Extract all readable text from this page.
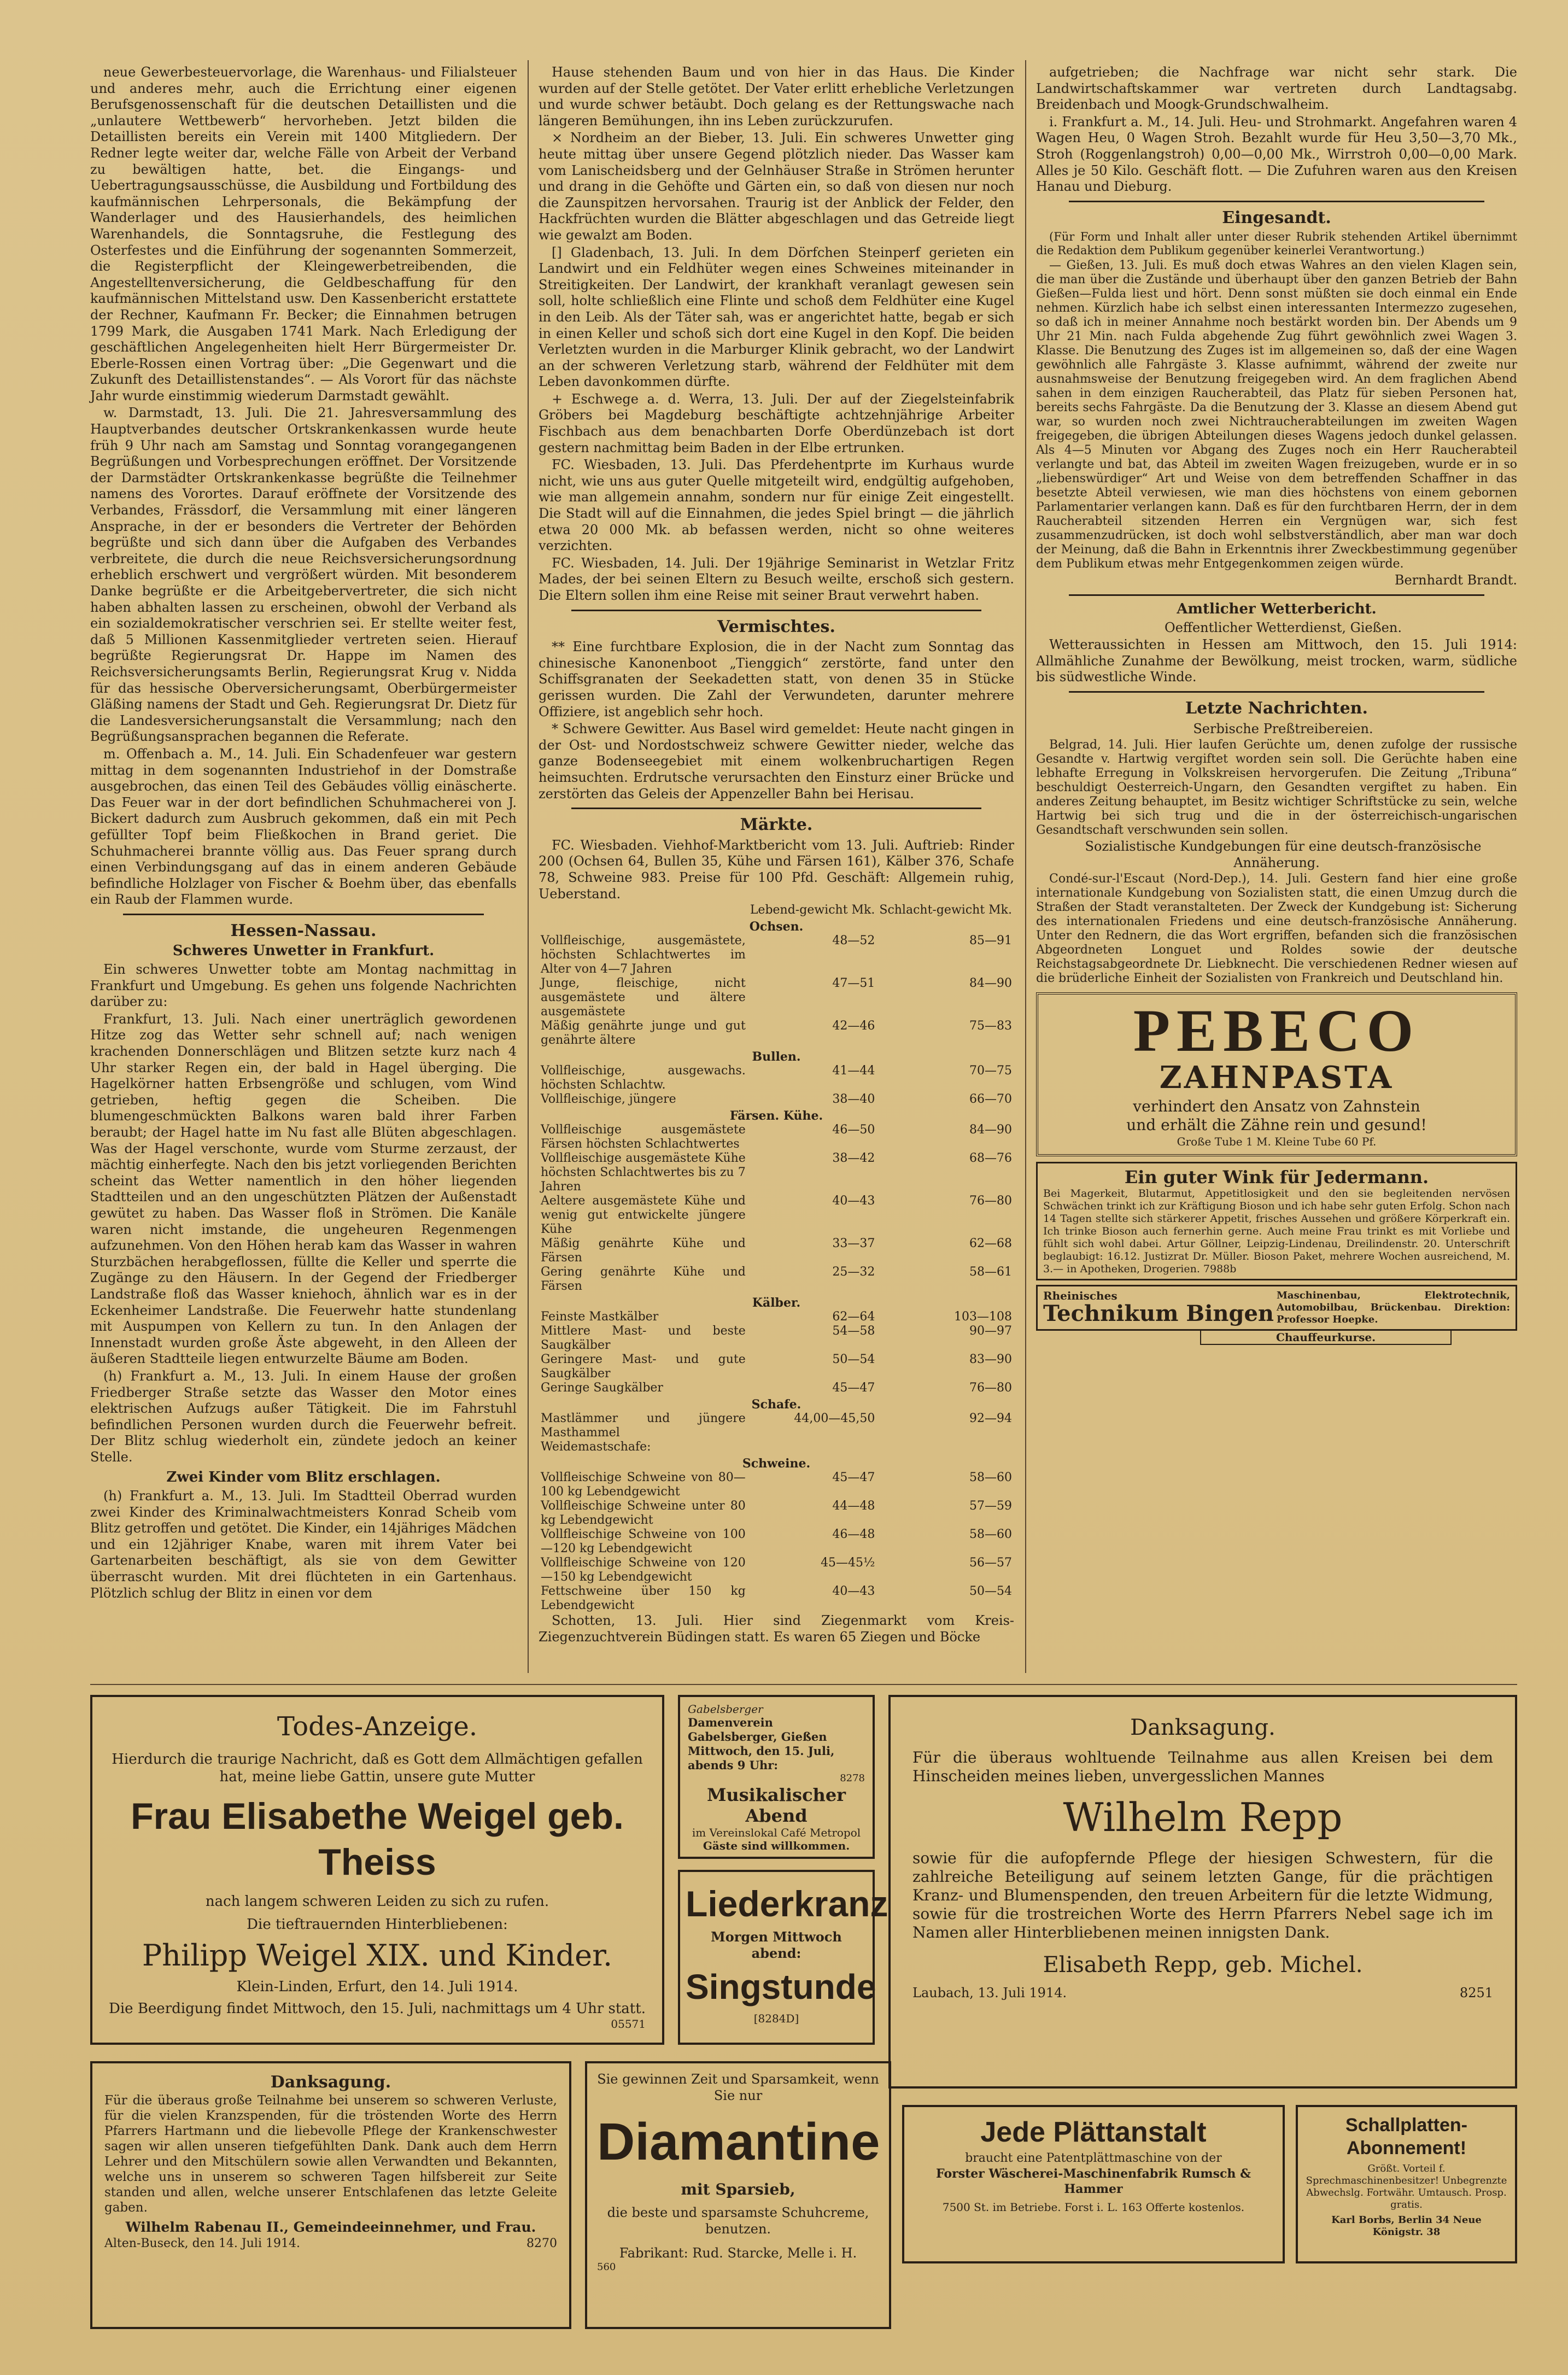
neue Gewerbesteuervorlage, die Warenhaus- und Filialsteuer und anderes mehr, auch die Errichtung einer eigenen Berufsgenossenschaft für die deutschen Detaillisten und die „unlautere Wettbewerb“ hervorheben. Jetzt bilden die Detaillisten bereits ein Verein mit 1400 Mitgliedern. Der Redner legte weiter dar, welche Fälle von Arbeit der Verband zu bewältigen hatte, bet. die Eingangs- und Uebertragungsausschüsse, die Ausbildung und Fortbildung des kaufmännischen Lehrpersonals, die Bekämpfung der Wanderlager und des Hausierhandels, des heimlichen Warenhandels, die Sonntagsruhe, die Festlegung des Osterfestes und die Einführung der sogenannten Sommerzeit, die Registerpflicht der Kleingewerbetreibenden, die Angestelltenversicherung, die Geldbeschaffung für den kaufmännischen Mittelstand usw. Den Kassenbericht erstattete der Rechner, Kaufmann Fr. Becker; die Einnahmen betrugen 1799 Mark, die Ausgaben 1741 Mark. Nach Erledigung der geschäftlichen Angelegenheiten hielt Herr Bürgermeister Dr. Eberle-Rossen einen Vortrag über: „Die Gegenwart und die Zukunft des Detaillistenstandes“. — Als Vorort für das nächste Jahr wurde einstimmig wiederum Darmstadt gewählt.

w. Darmstadt, 13. Juli. Die 21. Jahresversammlung des Hauptverbandes deutscher Ortskrankenkassen wurde heute früh 9 Uhr nach am Samstag und Sonntag vorangegangenen Begrüßungen und Vorbesprechungen eröffnet. Der Vorsitzende der Darmstädter Ortskrankenkasse begrüßte die Teilnehmer namens des Vorortes. Darauf eröffnete der Vorsitzende des Verbandes, Frässdorf, die Versammlung mit einer längeren Ansprache, in der er besonders die Vertreter der Behörden begrüßte und sich dann über die Aufgaben des Verbandes verbreitete, die durch die neue Reichsversicherungsordnung erheblich erschwert und vergrößert würden. Mit besonderem Danke begrüßte er die Arbeitgebervertreter, die sich nicht haben abhalten lassen zu erscheinen, obwohl der Verband als ein sozialdemokratischer verschrien sei. Er stellte weiter fest, daß 5 Millionen Kassenmitglieder vertreten seien. Hierauf begrüßte Regierungsrat Dr. Happe im Namen des Reichsversicherungsamts Berlin, Regierungsrat Krug v. Nidda für das hessische Oberversicherungsamt, Oberbürgermeister Gläßing namens der Stadt und Geh. Regierungsrat Dr. Dietz für die Landesversicherungsanstalt die Versammlung; nach den Begrüßungsansprachen begannen die Referate.

m. Offenbach a. M., 14. Juli. Ein Schadenfeuer war gestern mittag in dem sogenannten Industriehof in der Domstraße ausgebrochen, das einen Teil des Gebäudes völlig einäscherte. Das Feuer war in der dort befindlichen Schuhmacherei von J. Bickert dadurch zum Ausbruch gekommen, daß ein mit Pech gefüllter Topf beim Fließkochen in Brand geriet. Die Schuhmacherei brannte völlig aus. Das Feuer sprang durch einen Verbindungsgang auf das in einem anderen Gebäude befindliche Holzlager von Fischer & Boehm über, das ebenfalls ein Raub der Flammen wurde.

Hessen-Nassau.
Schweres Unwetter in Frankfurt.

Ein schweres Unwetter tobte am Montag nachmittag in Frankfurt und Umgebung. Es gehen uns folgende Nachrichten darüber zu:

Frankfurt, 13. Juli. Nach einer unerträglich gewordenen Hitze zog das Wetter sehr schnell auf; nach wenigen krachenden Donnerschlägen und Blitzen setzte kurz nach 4 Uhr starker Regen ein, der bald in Hagel überging. Die Hagelkörner hatten Erbsengröße und schlugen, vom Wind getrieben, heftig gegen die Scheiben. Die blumengeschmückten Balkons waren bald ihrer Farben beraubt; der Hagel hatte im Nu fast alle Blüten abgeschlagen. Was der Hagel verschonte, wurde vom Sturme zerzaust, der mächtig einherfegte. Nach den bis jetzt vorliegenden Berichten scheint das Wetter namentlich in den höher liegenden Stadtteilen und an den ungeschützten Plätzen der Außenstadt gewütet zu haben. Das Wasser floß in Strömen. Die Kanäle waren nicht imstande, die ungeheuren Regenmengen aufzunehmen. Von den Höhen herab kam das Wasser in wahren Sturzbächen herabgeflossen, füllte die Keller und sperrte die Zugänge zu den Häusern. In der Gegend der Friedberger Landstraße floß das Wasser kniehoch, ähnlich war es in der Eckenheimer Landstraße. Die Feuerwehr hatte stundenlang mit Auspumpen von Kellern zu tun. In den Anlagen der Innenstadt wurden große Äste abgeweht, in den Alleen der äußeren Stadtteile liegen entwurzelte Bäume am Boden.

(h) Frankfurt a. M., 13. Juli. In einem Hause der großen Friedberger Straße setzte das Wasser den Motor eines elektrischen Aufzugs außer Tätigkeit. Die im Fahrstuhl befindlichen Personen wurden durch die Feuerwehr befreit. Der Blitz schlug wiederholt ein, zündete jedoch an keiner Stelle.

Zwei Kinder vom Blitz erschlagen.

(h) Frankfurt a. M., 13. Juli. Im Stadtteil Oberrad wurden zwei Kinder des Kriminalwachtmeisters Konrad Scheib vom Blitz getroffen und getötet. Die Kinder, ein 14jähriges Mädchen und ein 12jähriger Knabe, waren mit ihrem Vater bei Gartenarbeiten beschäftigt, als sie von dem Gewitter überrascht wurden. Mit drei flüchteten in ein Gartenhaus. Plötzlich schlug der Blitz in einen vor dem

Hause stehenden Baum und von hier in das Haus. Die Kinder wurden auf der Stelle getötet. Der Vater erlitt erhebliche Verletzungen und wurde schwer betäubt. Doch gelang es der Rettungswache nach längeren Bemühungen, ihn ins Leben zurückzurufen.

× Nordheim an der Bieber, 13. Juli. Ein schweres Unwetter ging heute mittag über unsere Gegend plötzlich nieder. Das Wasser kam vom Lanischeidsberg und der Gelnhäuser Straße in Strömen herunter und drang in die Gehöfte und Gärten ein, so daß von diesen nur noch die Zaunspitzen hervorsahen. Traurig ist der Anblick der Felder, den Hackfrüchten wurden die Blätter abgeschlagen und das Getreide liegt wie gewalzt am Boden.

[] Gladenbach, 13. Juli. In dem Dörfchen Steinperf gerieten ein Landwirt und ein Feldhüter wegen eines Schweines miteinander in Streitigkeiten. Der Landwirt, der krankhaft veranlagt gewesen sein soll, holte schließlich eine Flinte und schoß dem Feldhüter eine Kugel in den Leib. Als der Täter sah, was er angerichtet hatte, begab er sich in einen Keller und schoß sich dort eine Kugel in den Kopf. Die beiden Verletzten wurden in die Marburger Klinik gebracht, wo der Landwirt an der schweren Verletzung starb, während der Feldhüter mit dem Leben davonkommen dürfte.

+ Eschwege a. d. Werra, 13. Juli. Der auf der Ziegelsteinfabrik Gröbers bei Magdeburg beschäftigte achtzehnjährige Arbeiter Fischbach aus dem benachbarten Dorfe Oberdünzebach ist dort gestern nachmittag beim Baden in der Elbe ertrunken.

FC. Wiesbaden, 13. Juli. Das Pferdehentprte im Kurhaus wurde nicht, wie uns aus guter Quelle mitgeteilt wird, endgültig aufgehoben, wie man allgemein annahm, sondern nur für einige Zeit eingestellt. Die Stadt will auf die Einnahmen, die jedes Spiel bringt — die jährlich etwa 20 000 Mk. ab befassen werden, nicht so ohne weiteres verzichten.

FC. Wiesbaden, 14. Juli. Der 19jährige Seminarist in Wetzlar Fritz Mades, der bei seinen Eltern zu Besuch weilte, erschoß sich gestern. Die Eltern sollen ihm eine Reise mit seiner Braut verwehrt haben.

Vermischtes.

** Eine furchtbare Explosion, die in der Nacht zum Sonntag das chinesische Kanonenboot „Tienggich“ zerstörte, fand unter den Schiffsgranaten der Seekadetten statt, von denen 35 in Stücke gerissen wurden. Die Zahl der Verwundeten, darunter mehrere Offiziere, ist angeblich sehr hoch.

* Schwere Gewitter. Aus Basel wird gemeldet: Heute nacht gingen in der Ost- und Nordostschweiz schwere Gewitter nieder, welche das ganze Bodenseegebiet mit einem wolkenbruchartigen Regen heimsuchten. Erdrutsche verursachten den Einsturz einer Brücke und zerstörten das Geleis der Appenzeller Bahn bei Herisau.

Märkte.

FC. Wiesbaden. Viehhof-Marktbericht vom 13. Juli. Auftrieb: Rinder 200 (Ochsen 64, Bullen 35, Kühe und Färsen 161), Kälber 376, Schafe 78, Schweine 983. Preise für 100 Pfd. Geschäft: Allgemein ruhig, Ueberstand.

	Lebend-gewicht Mk.	Schlacht-gewicht Mk.
Ochsen.		
Vollfleischige, ausgemästete, höchsten Schlachtwertes im Alter von 4—7 Jahren	48—52	85—91
Junge, fleischige, nicht ausgemästete und ältere ausgemästete	47—51	84—90
Mäßig genährte junge und gut genährte ältere	42—46	75—83
Bullen.		
Vollfleischige, ausgewachs. höchsten Schlachtw.	41—44	70—75
Vollfleischige, jüngere	38—40	66—70
Färsen. Kühe.		
Vollfleischige ausgemästete Färsen höchsten Schlachtwertes	46—50	84—90
Vollfleischige ausgemästete Kühe höchsten Schlachtwertes bis zu 7 Jahren	38—42	68—76
Aeltere ausgemästete Kühe und wenig gut entwickelte jüngere Kühe	40—43	76—80
Mäßig genährte Kühe und Färsen	33—37	62—68
Gering genährte Kühe und Färsen	25—32	58—61
Kälber.		
Feinste Mastkälber	62—64	103—108
Mittlere Mast- und beste Saugkälber	54—58	90—97
Geringere Mast- und gute Saugkälber	50—54	83—90
Geringe Saugkälber	45—47	76—80
Schafe.		
Mastlämmer und jüngere Masthammel	44,00—45,50	92—94
Weidemastschafe:		
Schweine.		
Vollfleischige Schweine von 80—100 kg Lebendgewicht	45—47	58—60
Vollfleischige Schweine unter 80 kg Lebendgewicht	44—48	57—59
Vollfleischige Schweine von 100—120 kg Lebendgewicht	46—48	58—60
Vollfleischige Schweine von 120—150 kg Lebendgewicht	45—45½	56—57
Fettschweine über 150 kg Lebendgewicht	40—43	50—54

Schotten, 13. Juli. Hier sind Ziegenmarkt vom Kreis-Ziegenzuchtverein Büdingen statt. Es waren 65 Ziegen und Böcke

aufgetrieben; die Nachfrage war nicht sehr stark. Die Landwirtschaftskammer war vertreten durch Landtagsabg. Breidenbach und Moogk-Grundschwalheim.

i. Frankfurt a. M., 14. Juli. Heu- und Strohmarkt. Angefahren waren 4 Wagen Heu, 0 Wagen Stroh. Bezahlt wurde für Heu 3,50—3,70 Mk., Stroh (Roggenlangstroh) 0,00—0,00 Mk., Wirrstroh 0,00—0,00 Mark. Alles je 50 Kilo. Geschäft flott. — Die Zufuhren waren aus den Kreisen Hanau und Dieburg.

Eingesandt.

(Für Form und Inhalt aller unter dieser Rubrik stehenden Artikel übernimmt die Redaktion dem Publikum gegenüber keinerlei Verantwortung.)

— Gießen, 13. Juli. Es muß doch etwas Wahres an den vielen Klagen sein, die man über die Zustände und überhaupt über den ganzen Betrieb der Bahn Gießen—Fulda liest und hört. Denn sonst müßten sie doch einmal ein Ende nehmen. Kürzlich habe ich selbst einen interessanten Intermezzo zugesehen, so daß ich in meiner Annahme noch bestärkt worden bin. Der Abends um 9 Uhr 21 Min. nach Fulda abgehende Zug führt gewöhnlich zwei Wagen 3. Klasse. Die Benutzung des Zuges ist im allgemeinen so, daß der eine Wagen gewöhnlich alle Fahrgäste 3. Klasse aufnimmt, während der zweite nur ausnahmsweise der Benutzung freigegeben wird. An dem fraglichen Abend sahen in dem einzigen Raucherabteil, das Platz für sieben Personen hat, bereits sechs Fahrgäste. Da die Benutzung der 3. Klasse an diesem Abend gut war, so wurden noch zwei Nichtraucherabteilungen im zweiten Wagen freigegeben, die übrigen Abteilungen dieses Wagens jedoch dunkel gelassen. Als 4—5 Minuten vor Abgang des Zuges noch ein Herr Raucherabteil verlangte und bat, das Abteil im zweiten Wagen freizugeben, wurde er in so „liebenswürdiger“ Art und Weise von dem betreffenden Schaffner in das besetzte Abteil verwiesen, wie man dies höchstens von einem gebornen Parlamentarier verlangen kann. Daß es für den furchtbaren Herrn, der in dem Raucherabteil sitzenden Herren ein Vergnügen war, sich fest zusammenzudrücken, ist doch wohl selbstverständlich, aber man war doch der Meinung, daß die Bahn in Erkenntnis ihrer Zweckbestimmung gegenüber dem Publikum etwas mehr Entgegenkommen zeigen würde.

Bernhardt Brandt.

Amtlicher Wetterbericht.

Oeffentlicher Wetterdienst, Gießen.

Wetteraussichten in Hessen am Mittwoch, den 15. Juli 1914: Allmähliche Zunahme der Bewölkung, meist trocken, warm, südliche bis südwestliche Winde.

Letzte Nachrichten.

Serbische Preßtreibereien.

Belgrad, 14. Juli. Hier laufen Gerüchte um, denen zufolge der russische Gesandte v. Hartwig vergiftet worden sein soll. Die Gerüchte haben eine lebhafte Erregung in Volkskreisen hervorgerufen. Die Zeitung „Tribuna“ beschuldigt Oesterreich-Ungarn, den Gesandten vergiftet zu haben. Ein anderes Zeitung behauptet, im Besitz wichtiger Schriftstücke zu sein, welche Hartwig bei sich trug und die in der österreichisch-ungarischen Gesandtschaft verschwunden sein sollen.

Sozialistische Kundgebungen für eine deutsch-französische Annäherung.

Condé-sur-l'Escaut (Nord-Dep.), 14. Juli. Gestern fand hier eine große internationale Kundgebung von Sozialisten statt, die einen Umzug durch die Straßen der Stadt veranstalteten. Der Zweck der Kundgebung ist: Sicherung des internationalen Friedens und eine deutsch-französische Annäherung. Unter den Rednern, die das Wort ergriffen, befanden sich die französischen Abgeordneten Longuet und Roldes sowie der deutsche Reichstagsabgeordnete Dr. Liebknecht. Die verschiedenen Redner wiesen auf die brüderliche Einheit der Sozialisten von Frankreich und Deutschland hin.

PEBECO
ZAHNPASTA
verhindert den Ansatz von Zahnstein
und erhält die Zähne rein und gesund!
Große Tube 1 M. Kleine Tube 60 Pf.
Ein guter Wink für Jedermann.
Bei Magerkeit, Blutarmut, Appetitlosigkeit und den sie begleitenden nervösen Schwächen trinkt ich zur Kräftigung Bioson und ich habe sehr guten Erfolg. Schon nach 14 Tagen stellte sich stärkerer Appetit, frisches Aussehen und größere Körperkraft ein. Ich trinke Bioson auch fernerhin gerne. Auch meine Frau trinkt es mit Vorliebe und fühlt sich wohl dabei. Artur Göllner, Leipzig-Lindenau, Dreilindenstr. 20. Unterschrift beglaubigt: 16.12. Justizrat Dr. Müller. Bioson Paket, mehrere Wochen ausreichend, M. 3.— in Apotheken, Drogerien. 7988b
Rheinisches
Technikum Bingen
Maschinenbau, Elektrotechnik, Automobilbau, Brückenbau. Direktion: Professor Hoepke.
Chauffeurkurse.
Todes-Anzeige.
Hierdurch die traurige Nachricht, daß es Gott dem Allmächtigen gefallen hat, meine liebe Gattin, unsere gute Mutter
Frau Elisabethe Weigel geb. Theiss
nach langem schweren Leiden zu sich zu rufen.
Die tieftrauernden Hinterbliebenen:
Philipp Weigel XIX. und Kinder.
Klein-Linden, Erfurt, den 14. Juli 1914.
Die Beerdigung findet Mittwoch, den 15. Juli, nachmittags um 4 Uhr statt.
05571
Danksagung.
Für die überaus große Teilnahme bei unserem so schweren Verluste, für die vielen Kranzspenden, für die tröstenden Worte des Herrn Pfarrers Hartmann und die liebevolle Pflege der Krankenschwester sagen wir allen unseren tiefgefühlten Dank. Dank auch dem Herrn Lehrer und den Mitschülern sowie allen Verwandten und Bekannten, welche uns in unserem so schweren Tagen hilfsbereit zur Seite standen und allen, welche unserer Entschlafenen das letzte Geleite gaben.
Wilhelm Rabenau II., Gemeindeeinnehmer, und Frau.
Alten-Buseck, den 14. Juli 1914.	8270
Gabelsberger
Damenverein Gabelsberger, Gießen
Mittwoch, den 15. Juli, abends 9 Uhr:
8278
Musikalischer Abend
im Vereinslokal Café Metropol
Gäste sind willkommen.
Liederkranz
Morgen Mittwoch abend:
Singstunde
[8284D]
Sie gewinnen Zeit und Sparsamkeit, wenn Sie nur
Diamantine
mit Sparsieb,
die beste und sparsamste Schuhcreme, benutzen.
Fabrikant: Rud. Starcke, Melle i. H.
560
Danksagung.
Für die überaus wohltuende Teilnahme aus allen Kreisen bei dem Hinscheiden meines lieben, unvergesslichen Mannes
Wilhelm Repp
sowie für die aufopfernde Pflege der hiesigen Schwestern, für die zahlreiche Beteiligung auf seinem letzten Gange, für die prächtigen Kranz- und Blumenspenden, den treuen Arbeitern für die letzte Widmung, sowie für die trostreichen Worte des Herrn Pfarrers Nebel sage ich im Namen aller Hinterbliebenen meinen innigsten Dank.
Elisabeth Repp, geb. Michel.
Laubach, 13. Juli 1914.	8251
Jede Plättanstalt
braucht eine Patentplättmaschine von der
Forster Wäscherei-Maschinenfabrik Rumsch & Hammer
7500 St. im Betriebe. Forst i. L. 163 Offerte kostenlos.
Schallplatten-Abonnement!
Größt. Vorteil f. Sprechmaschinenbesitzer! Unbegrenzte Abwechslg. Fortwähr. Umtausch. Prosp. gratis.
Karl Borbs, Berlin 34 Neue Königstr. 38
